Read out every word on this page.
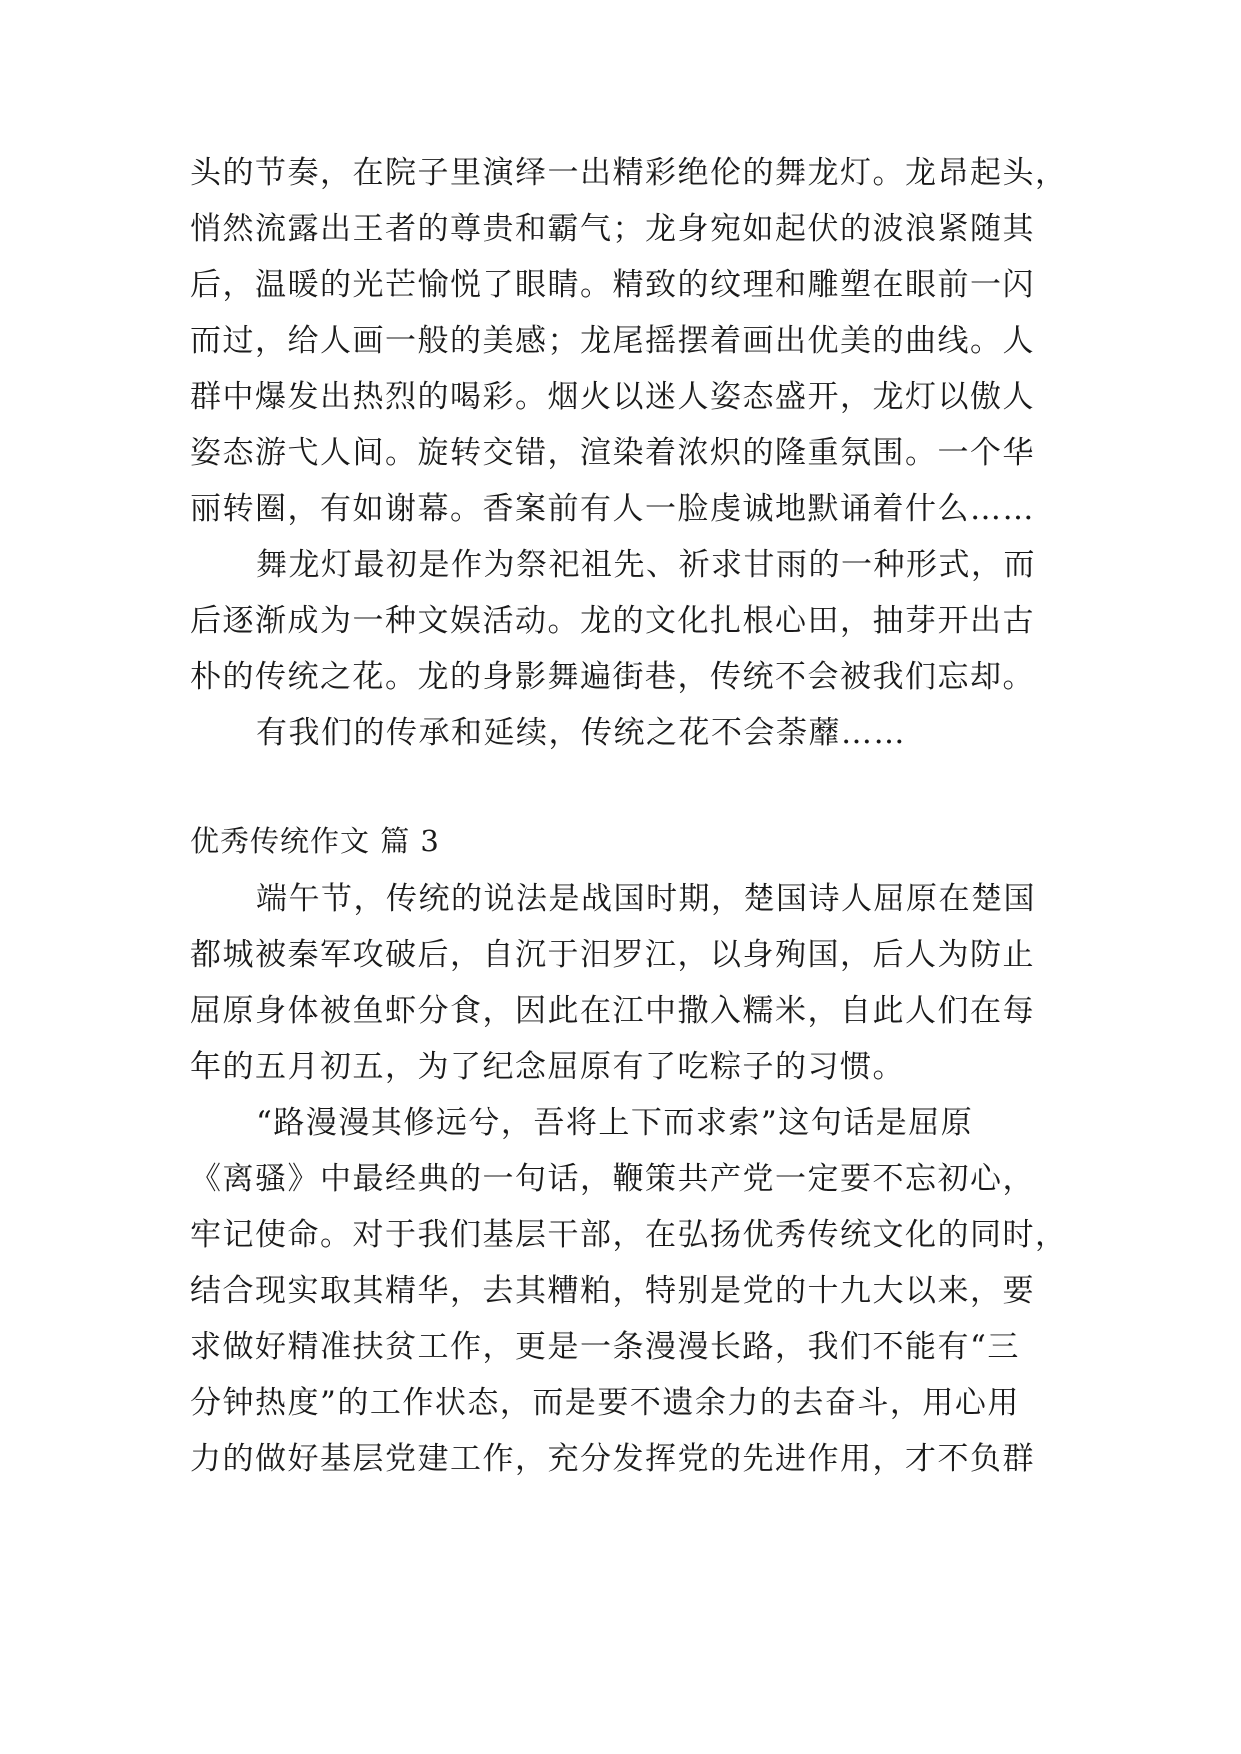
头的节奏，在院子里演绎一出精彩绝伦的舞龙灯。龙昂起头，
悄然流露出王者的尊贵和霸气；龙身宛如起伏的波浪紧随其
后，温暖的光芒愉悦了眼睛。精致的纹理和雕塑在眼前一闪
而过，给人画一般的美感；龙尾摇摆着画出优美的曲线。人
群中爆发出热烈的喝彩。烟火以迷人姿态盛开，龙灯以傲人
姿态游弋人间。旋转交错，渲染着浓炽的隆重氛围。一个华
丽转圈，有如谢幕。香案前有人一脸虔诚地默诵着什么……
舞龙灯最初是作为祭祀祖先、祈求甘雨的一种形式，而
后逐渐成为一种文娱活动。龙的文化扎根心田，抽芽开出古
朴的传统之花。龙的身影舞遍街巷，传统不会被我们忘却。
有我们的传承和延续，传统之花不会荼蘼……
优秀传统作文 篇 3
端午节，传统的说法是战国时期，楚国诗人屈原在楚国
都城被秦军攻破后，自沉于汨罗江，以身殉国，后人为防止
屈原身体被鱼虾分食，因此在江中撒入糯米，自此人们在每
年的五月初五，为了纪念屈原有了吃粽子的习惯。
“路漫漫其修远兮，吾将上下而求索”这句话是屈原
《离骚》中最经典的一句话，鞭策共产党一定要不忘初心，
牢记使命。对于我们基层干部，在弘扬优秀传统文化的同时，
结合现实取其精华，去其糟粕，特别是党的十九大以来，要
求做好精准扶贫工作，更是一条漫漫长路，我们不能有“三
分钟热度”的工作状态，而是要不遗余力的去奋斗，用心用
力的做好基层党建工作，充分发挥党的先进作用，才不负群
